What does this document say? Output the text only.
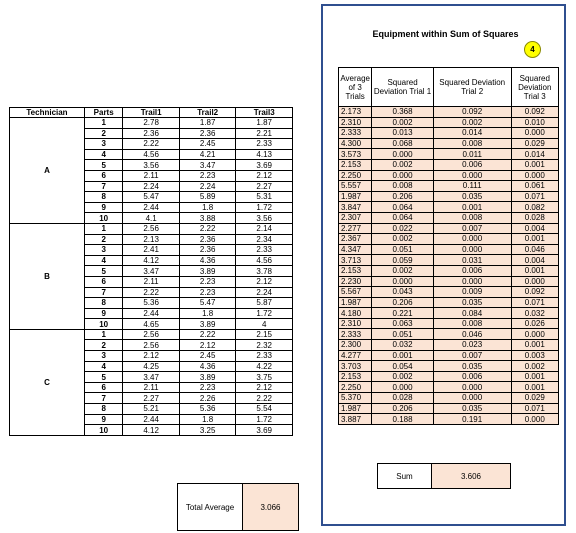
Technician	Parts	Trail1	Trail2	Trail3
A	1	2.78	1.87	1.87
	2	2.36	2.36	2.21
	3	2.22	2.45	2.33
	4	4.56	4.21	4.13
	5	3.56	3.47	3.69
	6	2.11	2.23	2.12
	7	2.24	2.24	2.27
	8	5.47	5.89	5.31
	9	2.44	1.8	1.72
	10	4.1	3.88	3.56
B	1	2.56	2.22	2.14
	2	2.13	2.36	2.34
	3	2.41	2.36	2.33
	4	4.12	4.36	4.56
	5	3.47	3.89	3.78
	6	2.11	2.23	2.12
	7	2.22	2.23	2.24
	8	5.36	5.47	5.87
	9	2.44	1.8	1.72
	10	4.65	3.89	4
C	1	2.56	2.22	2.15
	2	2.56	2.12	2.32
	3	2.12	2.45	2.33
	4	4.25	4.36	4.22
	5	3.47	3.89	3.75
	6	2.11	2.23	2.12
	7	2.27	2.26	2.22
	8	5.21	5.36	5.54
	9	2.44	1.8	1.72
	10	4.12	3.25	3.69
Total Average	3.066
Equipment within Sum of Squares
4
Average of 3 Trials	Squared Deviation Trial 1	Squared Deviation Trial 2	Squared Deviation Trial 3
2.173	0.368	0.092	0.092
2.310	0.002	0.002	0.010
2.333	0.013	0.014	0.000
4.300	0.068	0.008	0.029
3.573	0.000	0.011	0.014
2.153	0.002	0.006	0.001
2.250	0.000	0.000	0.000
5.557	0.008	0.111	0.061
1.987	0.206	0.035	0.071
3.847	0.064	0.001	0.082
2.307	0.064	0.008	0.028
2.277	0.022	0.007	0.004
2.367	0.002	0.000	0.001
4.347	0.051	0.000	0.046
3.713	0.059	0.031	0.004
2.153	0.002	0.006	0.001
2.230	0.000	0.000	0.000
5.567	0.043	0.009	0.092
1.987	0.206	0.035	0.071
4.180	0.221	0.084	0.032
2.310	0.063	0.008	0.026
2.333	0.051	0.046	0.000
2.300	0.032	0.023	0.001
4.277	0.001	0.007	0.003
3.703	0.054	0.035	0.002
2.153	0.002	0.006	0.001
2.250	0.000	0.000	0.001
5.370	0.028	0.000	0.029
1.987	0.206	0.035	0.071
3.887	0.188	0.191	0.000
Sum	3.606
